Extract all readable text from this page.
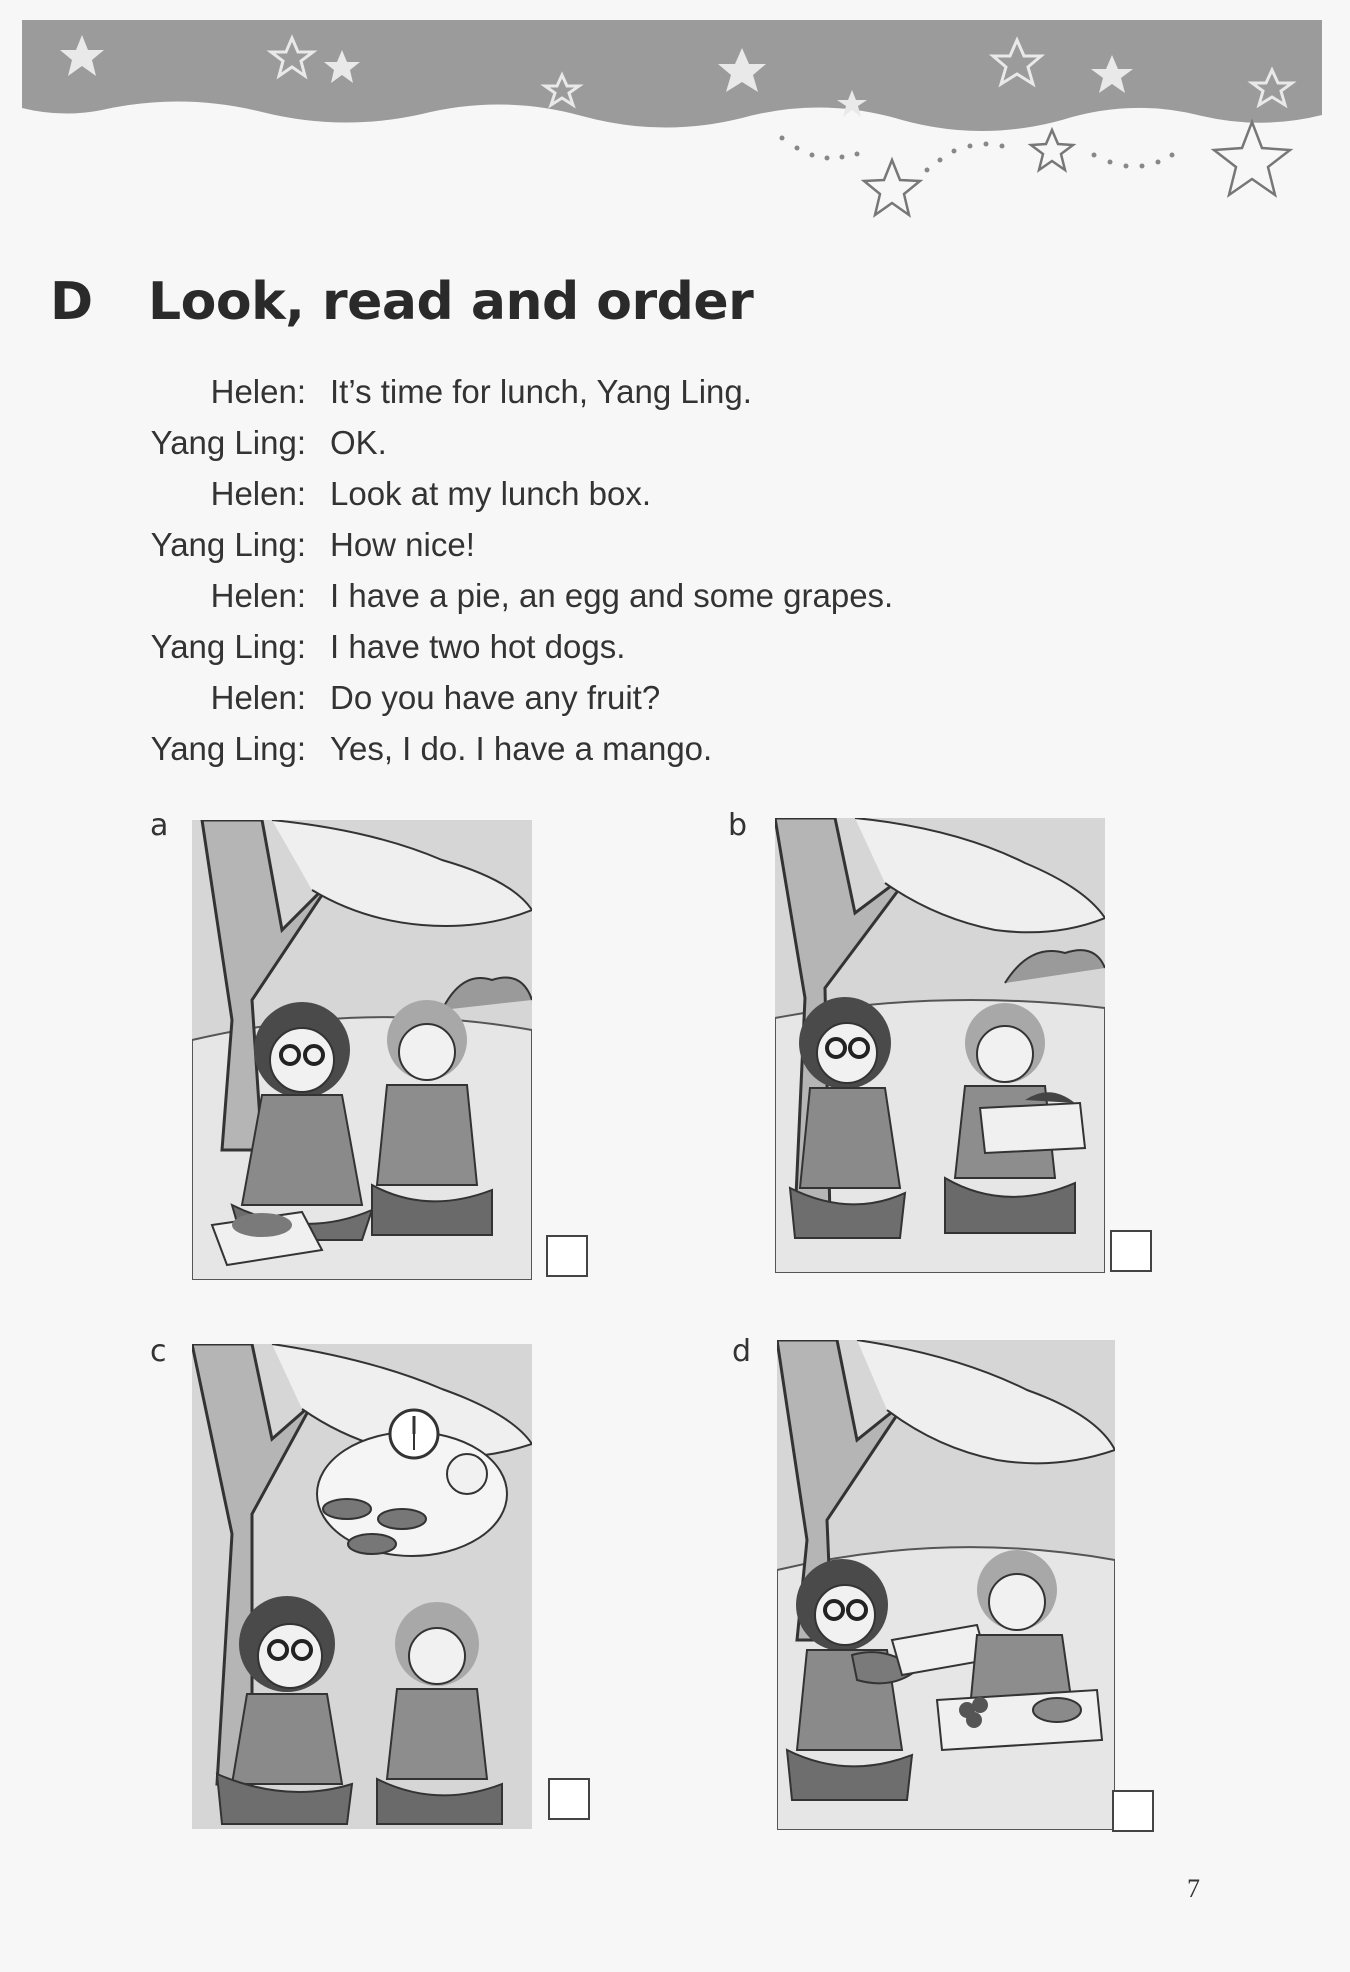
D	Look, read and order
Helen: It’s time for lunch, Yang Ling.
Yang Ling: OK.
Helen: Look at my lunch box.
Yang Ling: How nice!
Helen: I have a pie, an egg and some grapes.
Yang Ling: I have two hot dogs.
Helen: Do you have any fruit?
Yang Ling: Yes, I do. I have a mango.
a	b
c	d
7
